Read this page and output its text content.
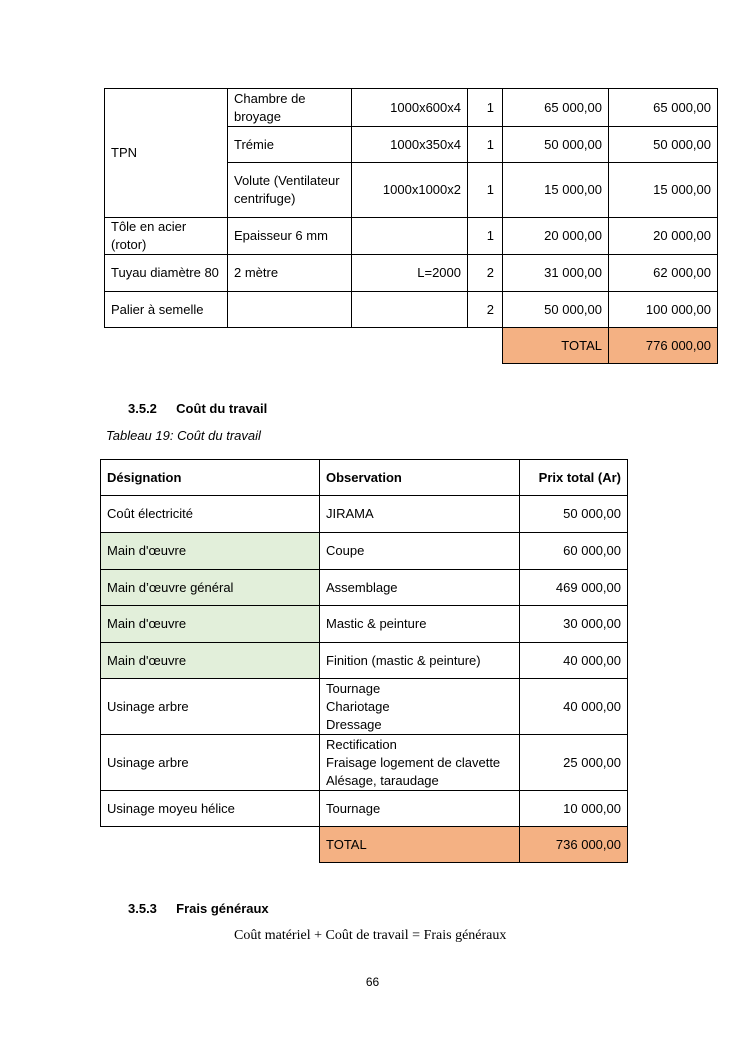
TPN	Chambre de broyage	1000x600x4	1	65 000,00	65 000,00
	Trémie	1000x350x4	1	50 000,00	50 000,00
	Volute (Ventilateur centrifuge)	1000x1000x2	1	15 000,00	15 000,00
Tôle en acier (rotor)	Epaisseur 6 mm		1	20 000,00	20 000,00
Tuyau diamètre 80	2 mètre	L=2000	2	31 000,00	62 000,00
Palier à semelle			2	50 000,00	100 000,00
				TOTAL	776 000,00
3.5.2 Coût du travail
Tableau 19: Coût du travail
Désignation	Observation	Prix total (Ar)
Coût électricité	JIRAMA	50 000,00
Main d'œuvre	Coupe	60 000,00
Main d’œuvre général	Assemblage	469 000,00
Main d'œuvre	Mastic & peinture	30 000,00
Main d'œuvre	Finition (mastic & peinture)	40 000,00
Usinage arbre	Tournage
Chariotage
Dressage	40 000,00
Usinage arbre	Rectification
Fraisage logement de clavette
Alésage, taraudage	25 000,00
Usinage moyeu hélice	Tournage	10 000,00
	TOTAL	736 000,00
3.5.3 Frais généraux
Coût matériel + Coût de travail = Frais généraux
66
